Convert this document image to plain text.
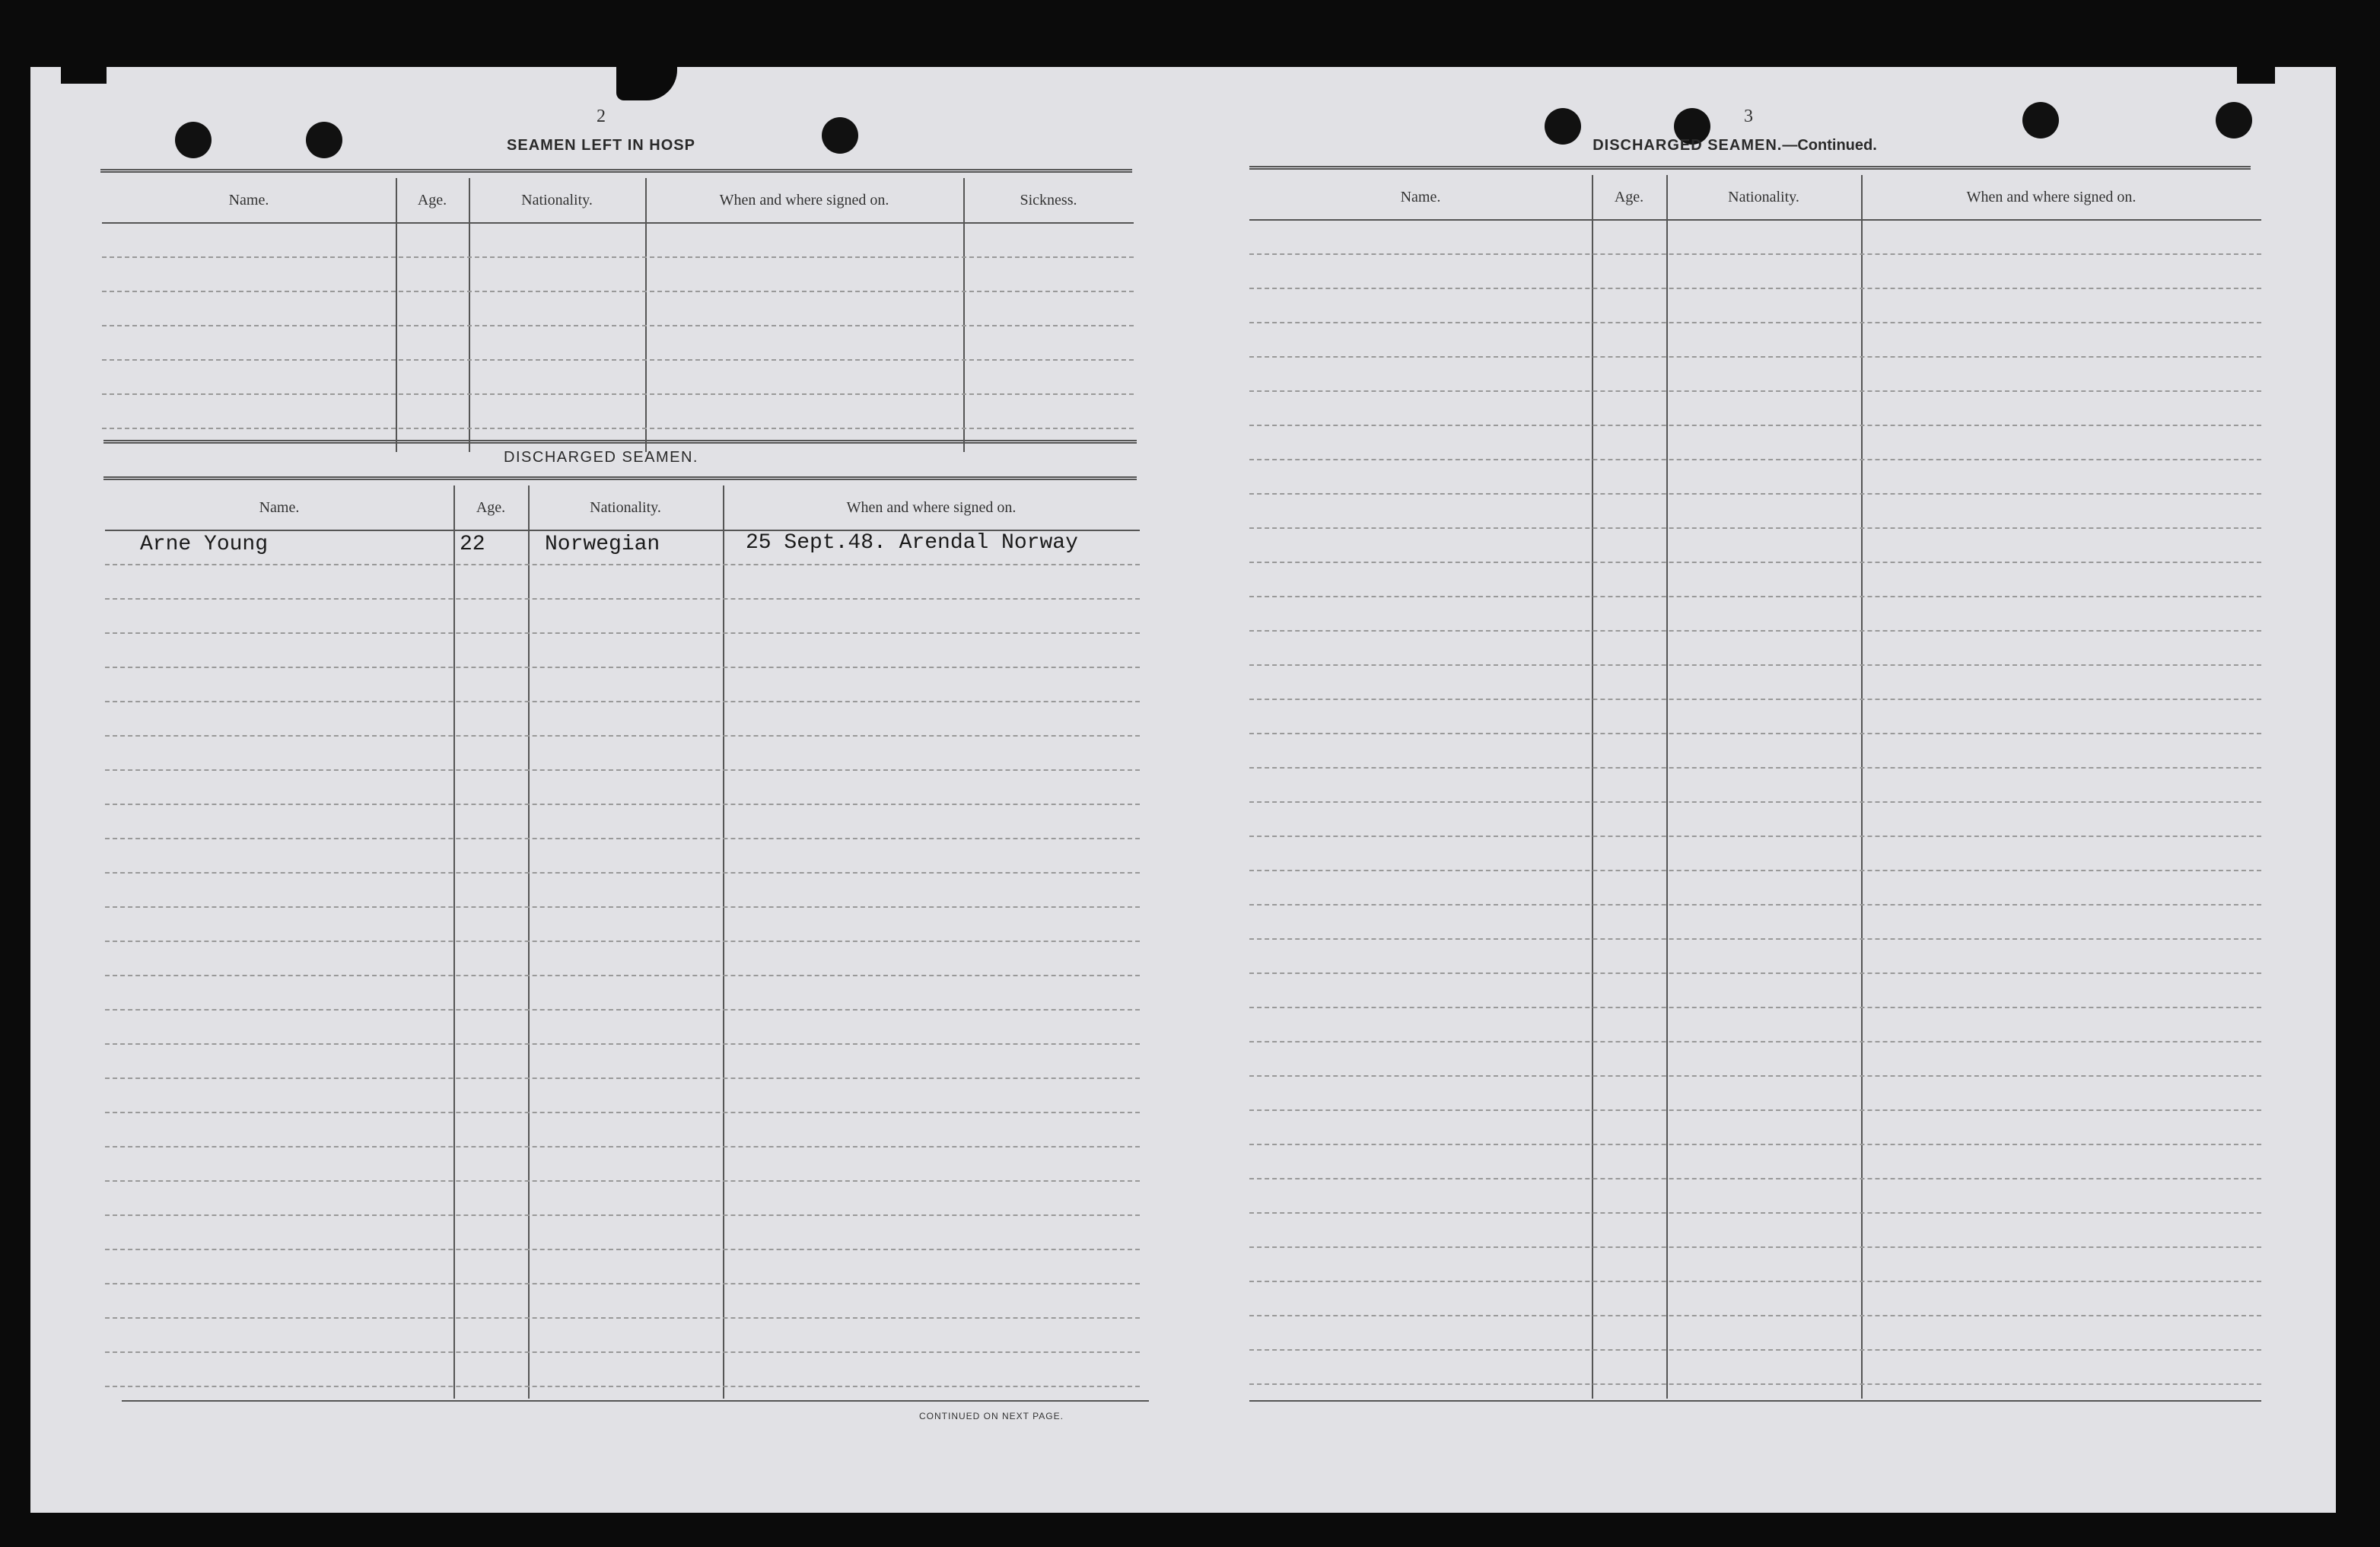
2
SEAMEN LEFT IN HOSP
Name.	Age.	Nationality.	When and where signed on.	Sickness.
DISCHARGED SEAMEN.
Name.	Age.	Nationality.	When and where signed on.
Arne Young	22	Norwegian	25 Sept.48. Arendal Norway
CONTINUED ON NEXT PAGE.
3
DISCHARGED SEAMEN.—Continued.
Name.	Age.	Nationality.	When and where signed on.
